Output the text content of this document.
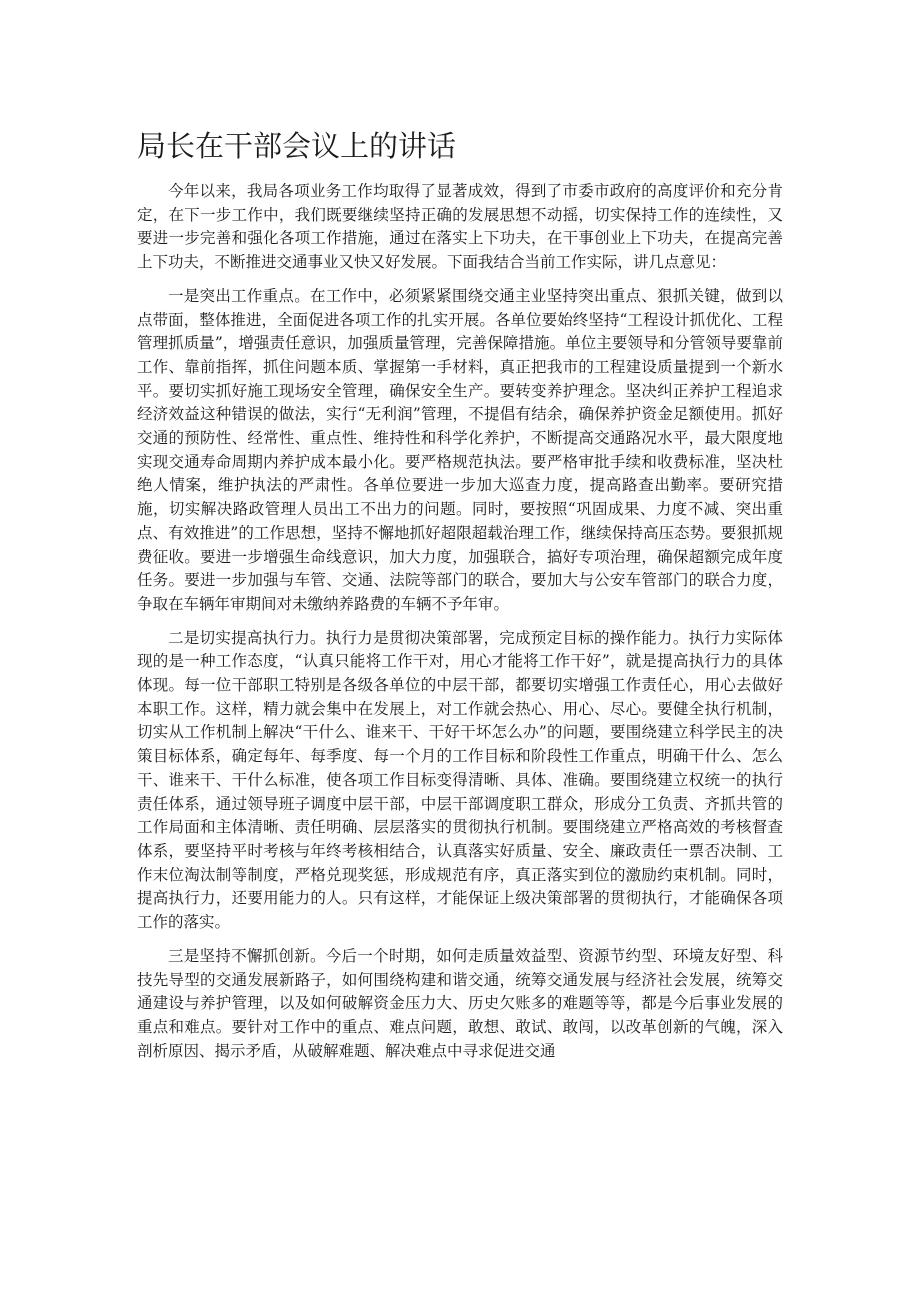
局长在干部会议上的讲话

今年以来，我局各项业务工作均取得了显著成效，得到了市委市政府的高度评价和充分肯定，在下一步工作中，我们既要继续坚持正确的发展思想不动摇，切实保持工作的连续性，又要进一步完善和强化各项工作措施，通过在落实上下功夫，在干事创业上下功夫，在提高完善上下功夫，不断推进交通事业又快又好发展。下面我结合当前工作实际，讲几点意见：

一是突出工作重点。在工作中，必须紧紧围绕交通主业坚持突出重点、狠抓关键，做到以点带面，整体推进，全面促进各项工作的扎实开展。各单位要始终坚持“工程设计抓优化、工程管理抓质量”，增强责任意识，加强质量管理，完善保障措施。单位主要领导和分管领导要靠前工作、靠前指挥，抓住问题本质、掌握第一手材料，真正把我市的工程建设质量提到一个新水平。要切实抓好施工现场安全管理，确保安全生产。要转变养护理念。坚决纠正养护工程追求经济效益这种错误的做法，实行“无利润”管理，不提倡有结余，确保养护资金足额使用。抓好交通的预防性、经常性、重点性、维持性和科学化养护，不断提高交通路况水平，最大限度地实现交通寿命周期内养护成本最小化。要严格规范执法。要严格审批手续和收费标准，坚决杜绝人情案，维护执法的严肃性。各单位要进一步加大巡查力度，提高路查出勤率。要研究措施，切实解决路政管理人员出工不出力的问题。同时，要按照“巩固成果、力度不减、突出重点、有效推进”的工作思想，坚持不懈地抓好超限超载治理工作，继续保持高压态势。要狠抓规费征收。要进一步增强生命线意识，加大力度，加强联合，搞好专项治理，确保超额完成年度任务。要进一步加强与车管、交通、法院等部门的联合，要加大与公安车管部门的联合力度，争取在车辆年审期间对未缴纳养路费的车辆不予年审。

二是切实提高执行力。执行力是贯彻决策部署，完成预定目标的操作能力。执行力实际体现的是一种工作态度，“认真只能将工作干对，用心才能将工作干好”，就是提高执行力的具体体现。每一位干部职工特别是各级各单位的中层干部，都要切实增强工作责任心，用心去做好本职工作。这样，精力就会集中在发展上，对工作就会热心、用心、尽心。要健全执行机制，切实从工作机制上解决“干什么、谁来干、干好干坏怎么办”的问题，要围绕建立科学民主的决策目标体系，确定每年、每季度、每一个月的工作目标和阶段性工作重点，明确干什么、怎么干、谁来干、干什么标准，使各项工作目标变得清晰、具体、准确。要围绕建立权统一的执行责任体系，通过领导班子调度中层干部，中层干部调度职工群众，形成分工负责、齐抓共管的工作局面和主体清晰、责任明确、层层落实的贯彻执行机制。要围绕建立严格高效的考核督查体系，要坚持平时考核与年终考核相结合，认真落实好质量、安全、廉政责任一票否决制、工作末位淘汰制等制度，严格兑现奖惩，形成规范有序，真正落实到位的激励约束机制。同时，提高执行力，还要用能力的人。只有这样，才能保证上级决策部署的贯彻执行，才能确保各项工作的落实。

三是坚持不懈抓创新。今后一个时期，如何走质量效益型、资源节约型、环境友好型、科技先导型的交通发展新路子，如何围绕构建和谐交通，统筹交通发展与经济社会发展，统筹交通建设与养护管理，以及如何破解资金压力大、历史欠账多的难题等等，都是今后事业发展的重点和难点。要针对工作中的重点、难点问题，敢想、敢试、敢闯，以改革创新的气魄，深入剖析原因、揭示矛盾，从破解难题、解决难点中寻求促进交通
